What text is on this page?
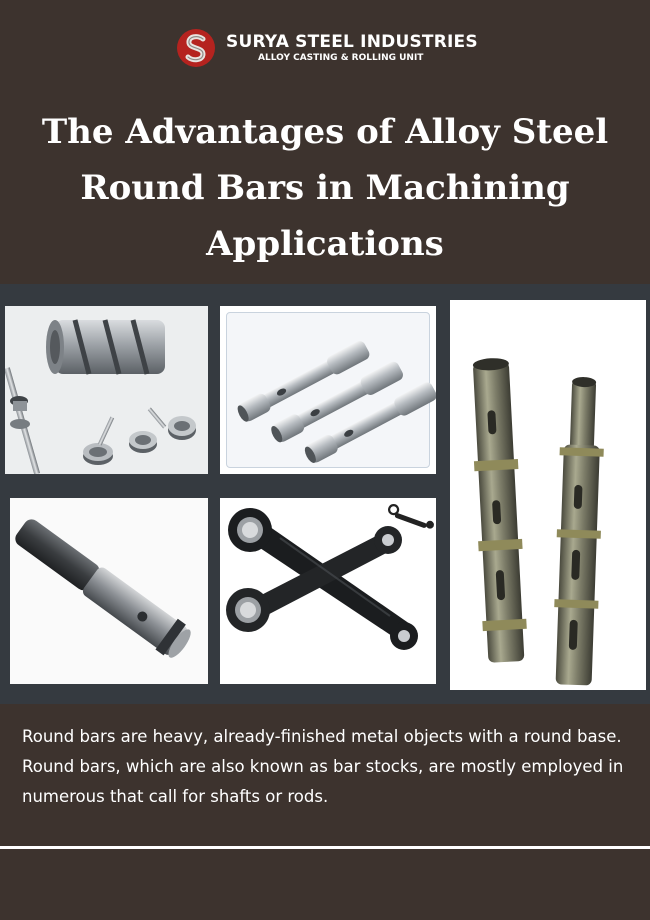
SURYA STEEL INDUSTRIES
ALLOY CASTING & ROLLING UNIT
The Advantages of Alloy Steel Round Bars in Machining Applications

Round bars are heavy, already-finished metal objects with a round base. Round bars, which are also known as bar stocks, are mostly employed in numerous that call for shafts or rods.
